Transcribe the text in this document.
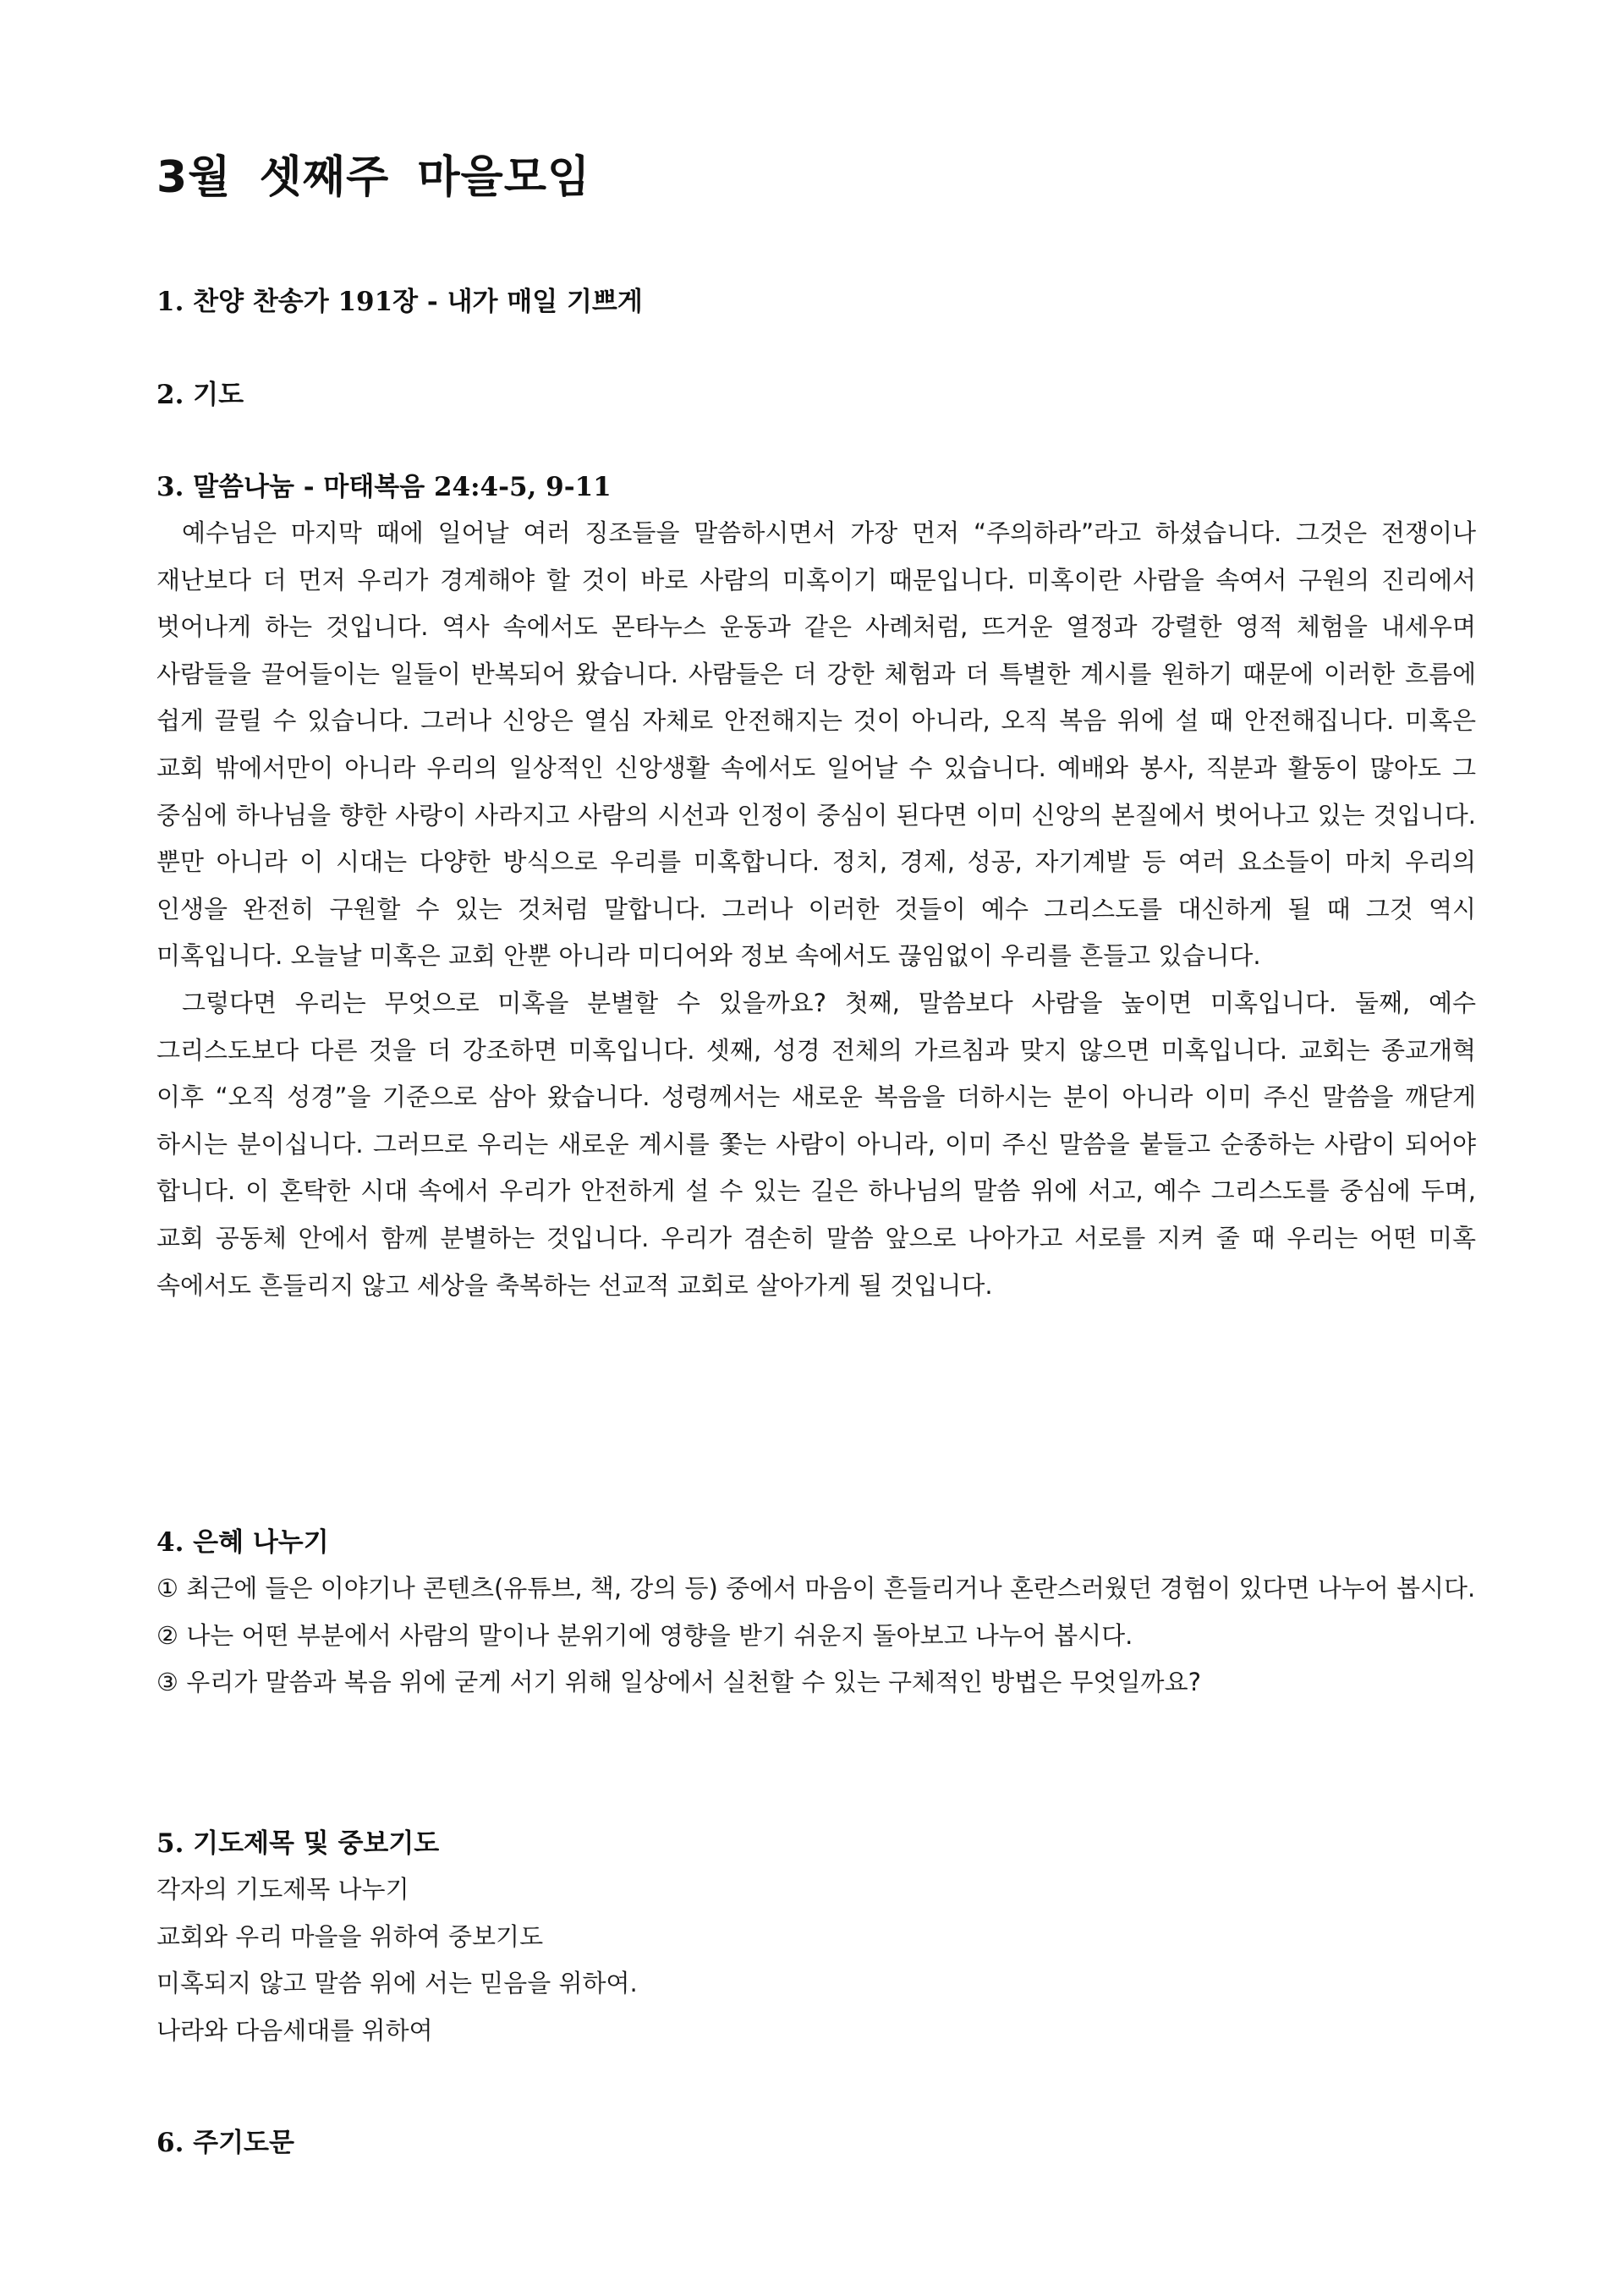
3월 셋째주 마을모임
1. 찬양 찬송가 191장 - 내가 매일 기쁘게
2. 기도
3. 말씀나눔 - 마태복음 24:4-5, 9-11

예수님은 마지막 때에 일어날 여러 징조들을 말씀하시면서 가장 먼저 “주의하라”라고 하셨습니다. 그것은 전쟁이나 재난보다 더 먼저 우리가 경계해야 할 것이 바로 사람의 미혹이기 때문입니다. 미혹이란 사람을 속여서 구원의 진리에서 벗어나게 하는 것입니다. 역사 속에서도 몬타누스 운동과 같은 사례처럼, 뜨거운 열정과 강렬한 영적 체험을 내세우며 사람들을 끌어들이는 일들이 반복되어 왔습니다. 사람들은 더 강한 체험과 더 특별한 계시를 원하기 때문에 이러한 흐름에 쉽게 끌릴 수 있습니다. 그러나 신앙은 열심 자체로 안전해지는 것이 아니라, 오직 복음 위에 설 때 안전해집니다. 미혹은 교회 밖에서만이 아니라 우리의 일상적인 신앙생활 속에서도 일어날 수 있습니다. 예배와 봉사, 직분과 활동이 많아도 그 중심에 하나님을 향한 사랑이 사라지고 사람의 시선과 인정이 중심이 된다면 이미 신앙의 본질에서 벗어나고 있는 것입니다. 뿐만 아니라 이 시대는 다양한 방식으로 우리를 미혹합니다. 정치, 경제, 성공, 자기계발 등 여러 요소들이 마치 우리의 인생을 완전히 구원할 수 있는 것처럼 말합니다. 그러나 이러한 것들이 예수 그리스도를 대신하게 될 때 그것 역시 미혹입니다. 오늘날 미혹은 교회 안뿐 아니라 미디어와 정보 속에서도 끊임없이 우리를 흔들고 있습니다.

그렇다면 우리는 무엇으로 미혹을 분별할 수 있을까요? 첫째, 말씀보다 사람을 높이면 미혹입니다. 둘째, 예수 그리스도보다 다른 것을 더 강조하면 미혹입니다. 셋째, 성경 전체의 가르침과 맞지 않으면 미혹입니다. 교회는 종교개혁 이후 “오직 성경”을 기준으로 삼아 왔습니다. 성령께서는 새로운 복음을 더하시는 분이 아니라 이미 주신 말씀을 깨닫게 하시는 분이십니다. 그러므로 우리는 새로운 계시를 쫓는 사람이 아니라, 이미 주신 말씀을 붙들고 순종하는 사람이 되어야 합니다. 이 혼탁한 시대 속에서 우리가 안전하게 설 수 있는 길은 하나님의 말씀 위에 서고, 예수 그리스도를 중심에 두며, 교회 공동체 안에서 함께 분별하는 것입니다. 우리가 겸손히 말씀 앞으로 나아가고 서로를 지켜 줄 때 우리는 어떤 미혹 속에서도 흔들리지 않고 세상을 축복하는 선교적 교회로 살아가게 될 것입니다.

4. 은혜 나누기

① 최근에 들은 이야기나 콘텐츠(유튜브, 책, 강의 등) 중에서 마음이 흔들리거나 혼란스러웠던 경험이 있다면 나누어 봅시다.

② 나는 어떤 부분에서 사람의 말이나 분위기에 영향을 받기 쉬운지 돌아보고 나누어 봅시다.

③ 우리가 말씀과 복음 위에 굳게 서기 위해 일상에서 실천할 수 있는 구체적인 방법은 무엇일까요?

5. 기도제목 및 중보기도

각자의 기도제목 나누기

교회와 우리 마을을 위하여 중보기도

미혹되지 않고 말씀 위에 서는 믿음을 위하여.

나라와 다음세대를 위하여

6. 주기도문
